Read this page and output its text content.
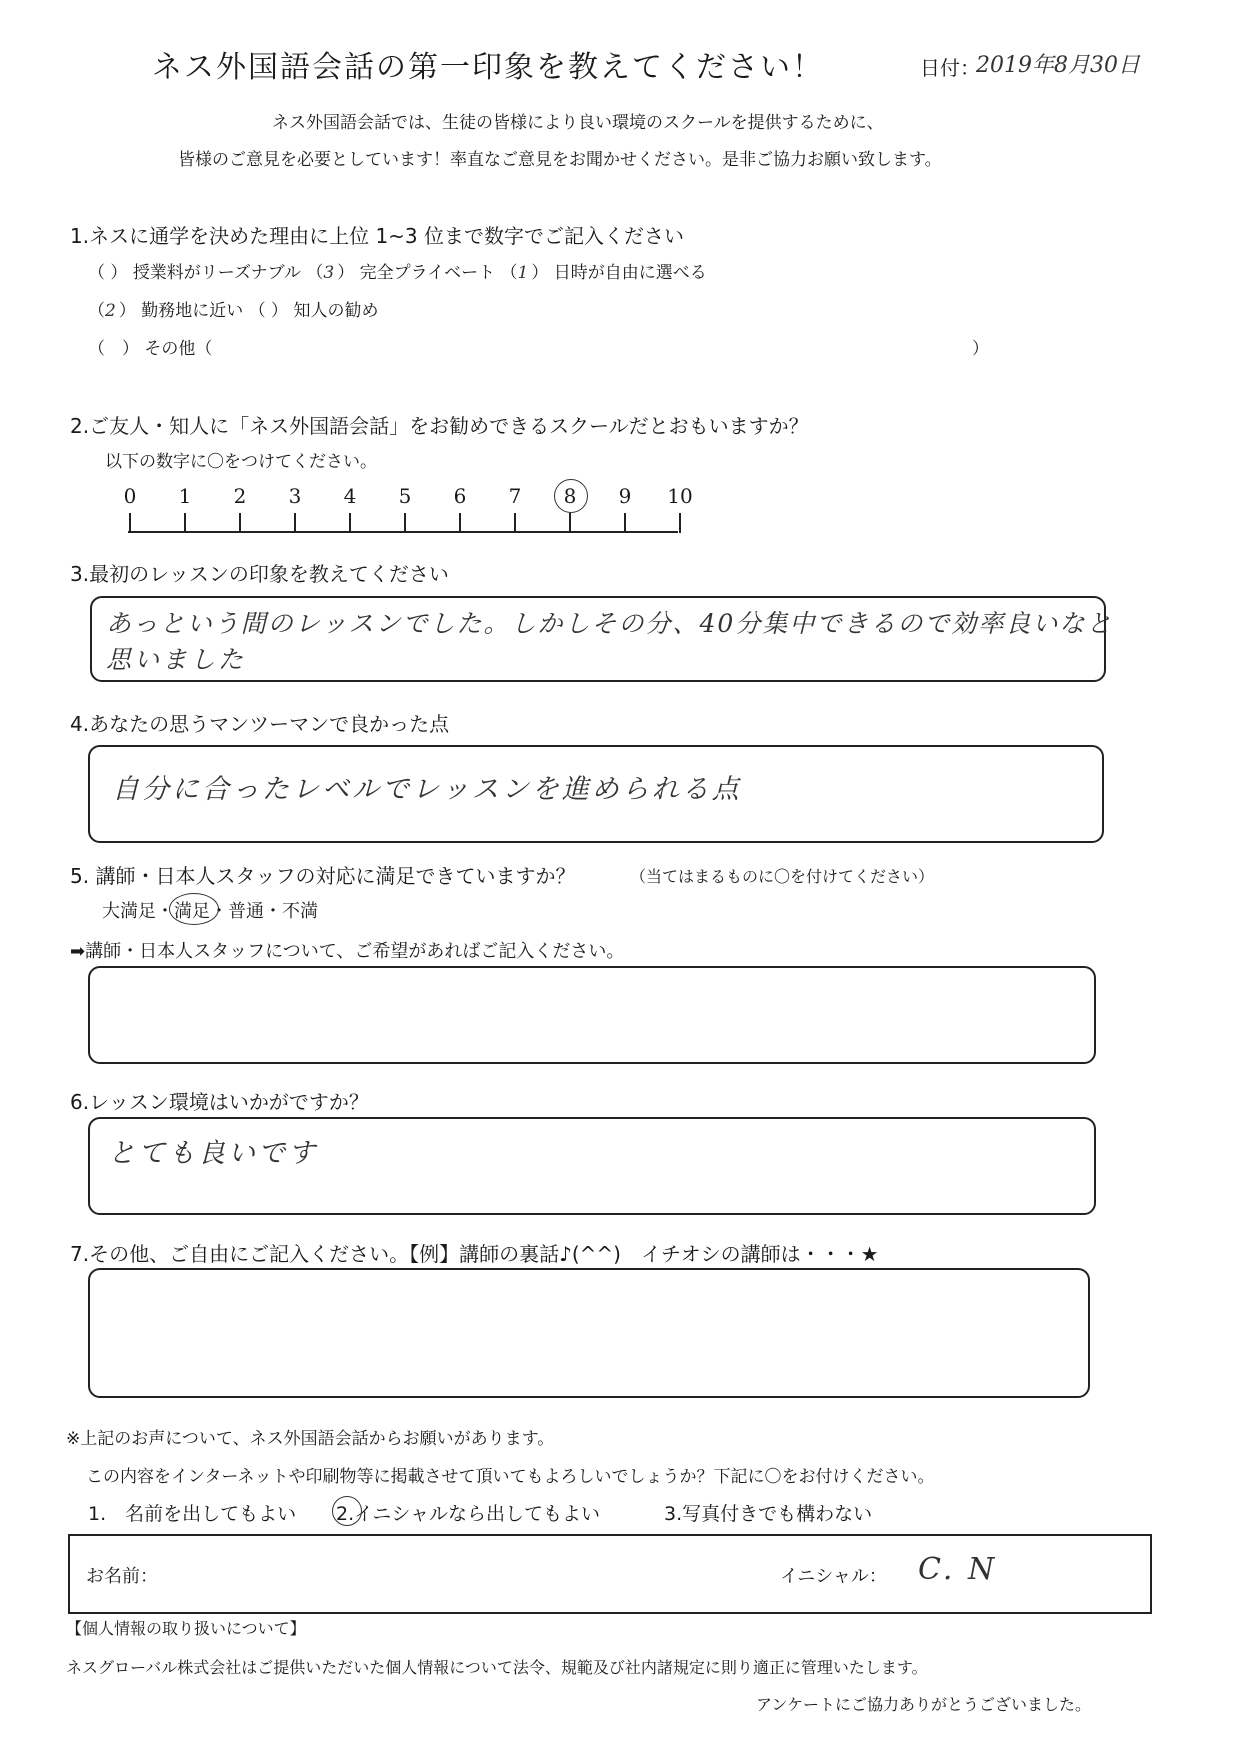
ネス外国語会話の第一印象を教えてください！	日付：
2019年8月30日
ネス外国語会話では、生徒の皆様により良い環境のスクールを提供するために、
皆様のご意見を必要としています！率直なご意見をお聞かせください。是非ご協力お願い致します。
1.ネスに通学を決めた理由に上位 1~3 位まで数字でご記入ください
（ ） 授業料がリーズナブル （3） 完全プライベート （1） 日時が自由に選べる
（2） 勤務地に近い （ ） 知人の勧め
（　） その他（	）
2.ご友人・知人に「ネス外国語会話」をお勧めできるスクールだとおもいますか？
以下の数字に〇をつけてください。
0 1 2 3 4 5 6 7 8 9 10
3.最初のレッスンの印象を教えてください
あっという間のレッスンでした。しかしその分、40分集中できるので効率良いなと
思いました
4.あなたの思うマンツーマンで良かった点
自分に合ったレベルでレッスンを進められる点
5. 講師・日本人スタッフの対応に満足できていますか？	（当てはまるものに〇を付けてください）
大満足・満足
・普通・不満
➡講師・日本人スタッフについて、ご希望があればご記入ください。
6.レッスン環境はいかがですか？
とても良いです
7.その他、ご自由にご記入ください。【例】講師の裏話♪(^^)　イチオシの講師は・・・★
※上記のお声について、ネス外国語会話からお願いがあります。
この内容をインターネットや印刷物等に掲載させて頂いてもよろしいでしょうか？下記に〇をお付けください。
1.　名前を出してもよい 2.イニシャルなら出してもよい	3.写真付きでも構わない
お名前：	イニシャル： C. N
【個人情報の取り扱いについて】
ネスグローバル株式会社はご提供いただいた個人情報について法令、規範及び社内諸規定に則り適正に管理いたします。
アンケートにご協力ありがとうございました。
